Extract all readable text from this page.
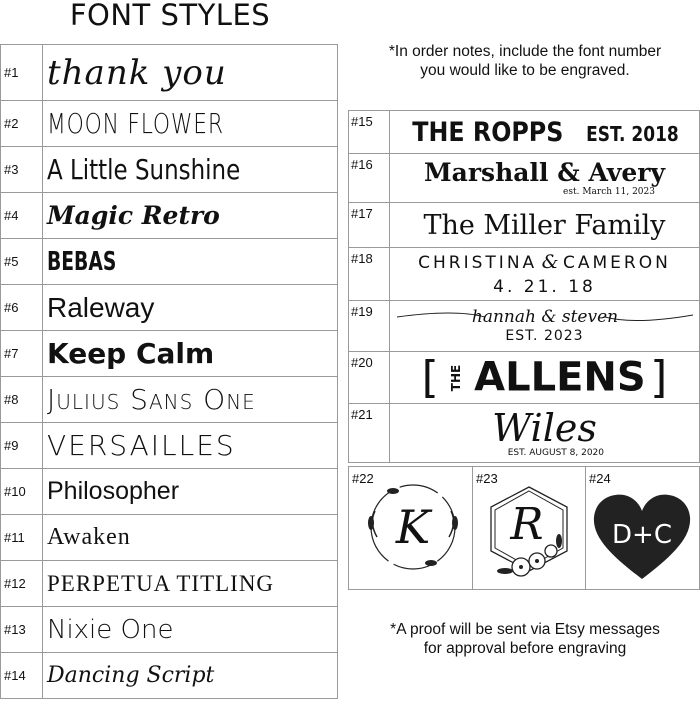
FONT STYLES
#1	thank you
#2	MOON FLOWER
#3	A Little Sunshine
#4	Magic Retro
#5	BEBAS
#6	Raleway
#7	Keep Calm
#8	Julius Sans One
#9	VERSAILLES
#10	Philosopher
#11	Awaken
#12	PERPETUA TITLING
#13	Nixie One
#14	Dancing Script
*In order notes, include the font number
you would like to be engraved.
#15	THE ROPPS EST. 2018
#16	Marshall & Avery
est. March 11, 2023

#17	The Miller Family
#18	CHRISTINA & CAMERON
4. 21. 18

#19	hannah & steven
EST. 2023

#20	[ THE ALLENS ]
#21	Wiles
EST. AUGUST 8, 2020
#22
K
#23
R
#24
D+C
*A proof will be sent via Etsy messages
for approval before engraving
